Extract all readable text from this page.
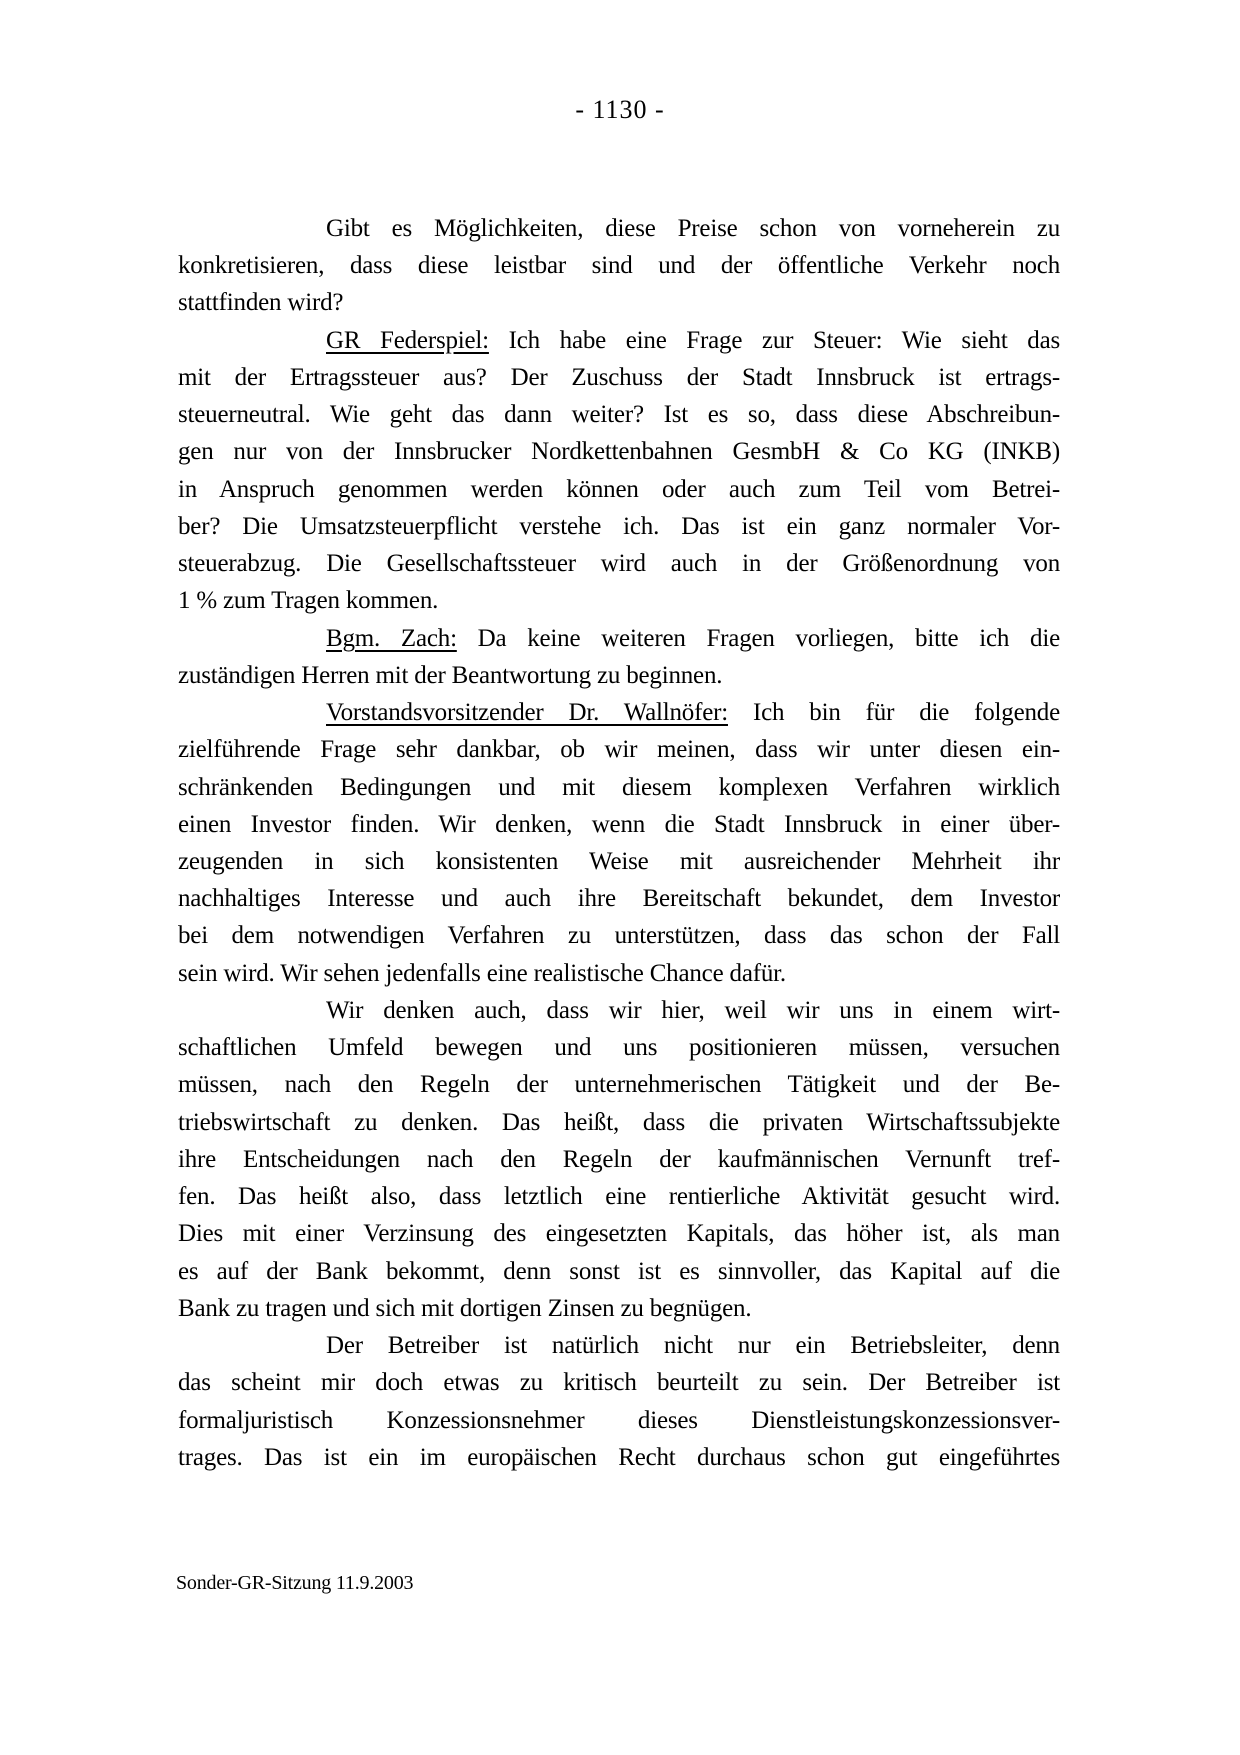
- 1130 -
Gibt es Möglichkeiten, diese Preise schon von vorneherein zu
konkretisieren, dass diese leistbar sind und der öffentliche Verkehr noch
stattfinden wird?
GR Federspiel: Ich habe eine Frage zur Steuer: Wie sieht das
mit der Ertragssteuer aus? Der Zuschuss der Stadt Innsbruck ist ertrags-
steuerneutral. Wie geht das dann weiter? Ist es so, dass diese Abschreibun-
gen nur von der Innsbrucker Nordkettenbahnen GesmbH & Co KG (INKB)
in Anspruch genommen werden können oder auch zum Teil vom Betrei-
ber? Die Umsatzsteuerpflicht verstehe ich. Das ist ein ganz normaler Vor-
steuerabzug. Die Gesellschaftssteuer wird auch in der Größenordnung von
1 % zum Tragen kommen.
Bgm. Zach: Da keine weiteren Fragen vorliegen, bitte ich die
zuständigen Herren mit der Beantwortung zu beginnen.
Vorstandsvorsitzender Dr. Wallnöfer: Ich bin für die folgende
zielführende Frage sehr dankbar, ob wir meinen, dass wir unter diesen ein-
schränkenden Bedingungen und mit diesem komplexen Verfahren wirklich
einen Investor finden. Wir denken, wenn die Stadt Innsbruck in einer über-
zeugenden in sich konsistenten Weise mit ausreichender Mehrheit ihr
nachhaltiges Interesse und auch ihre Bereitschaft bekundet, dem Investor
bei dem notwendigen Verfahren zu unterstützen, dass das schon der Fall
sein wird. Wir sehen jedenfalls eine realistische Chance dafür.
Wir denken auch, dass wir hier, weil wir uns in einem wirt-
schaftlichen Umfeld bewegen und uns positionieren müssen, versuchen
müssen, nach den Regeln der unternehmerischen Tätigkeit und der Be-
triebswirtschaft zu denken. Das heißt, dass die privaten Wirtschaftssubjekte
ihre Entscheidungen nach den Regeln der kaufmännischen Vernunft tref-
fen. Das heißt also, dass letztlich eine rentierliche Aktivität gesucht wird.
Dies mit einer Verzinsung des eingesetzten Kapitals, das höher ist, als man
es auf der Bank bekommt, denn sonst ist es sinnvoller, das Kapital auf die
Bank zu tragen und sich mit dortigen Zinsen zu begnügen.
Der Betreiber ist natürlich nicht nur ein Betriebsleiter, denn
das scheint mir doch etwas zu kritisch beurteilt zu sein. Der Betreiber ist
formaljuristisch Konzessionsnehmer dieses Dienstleistungskonzessionsver-
trages. Das ist ein im europäischen Recht durchaus schon gut eingeführtes
Sonder-GR-Sitzung 11.9.2003
